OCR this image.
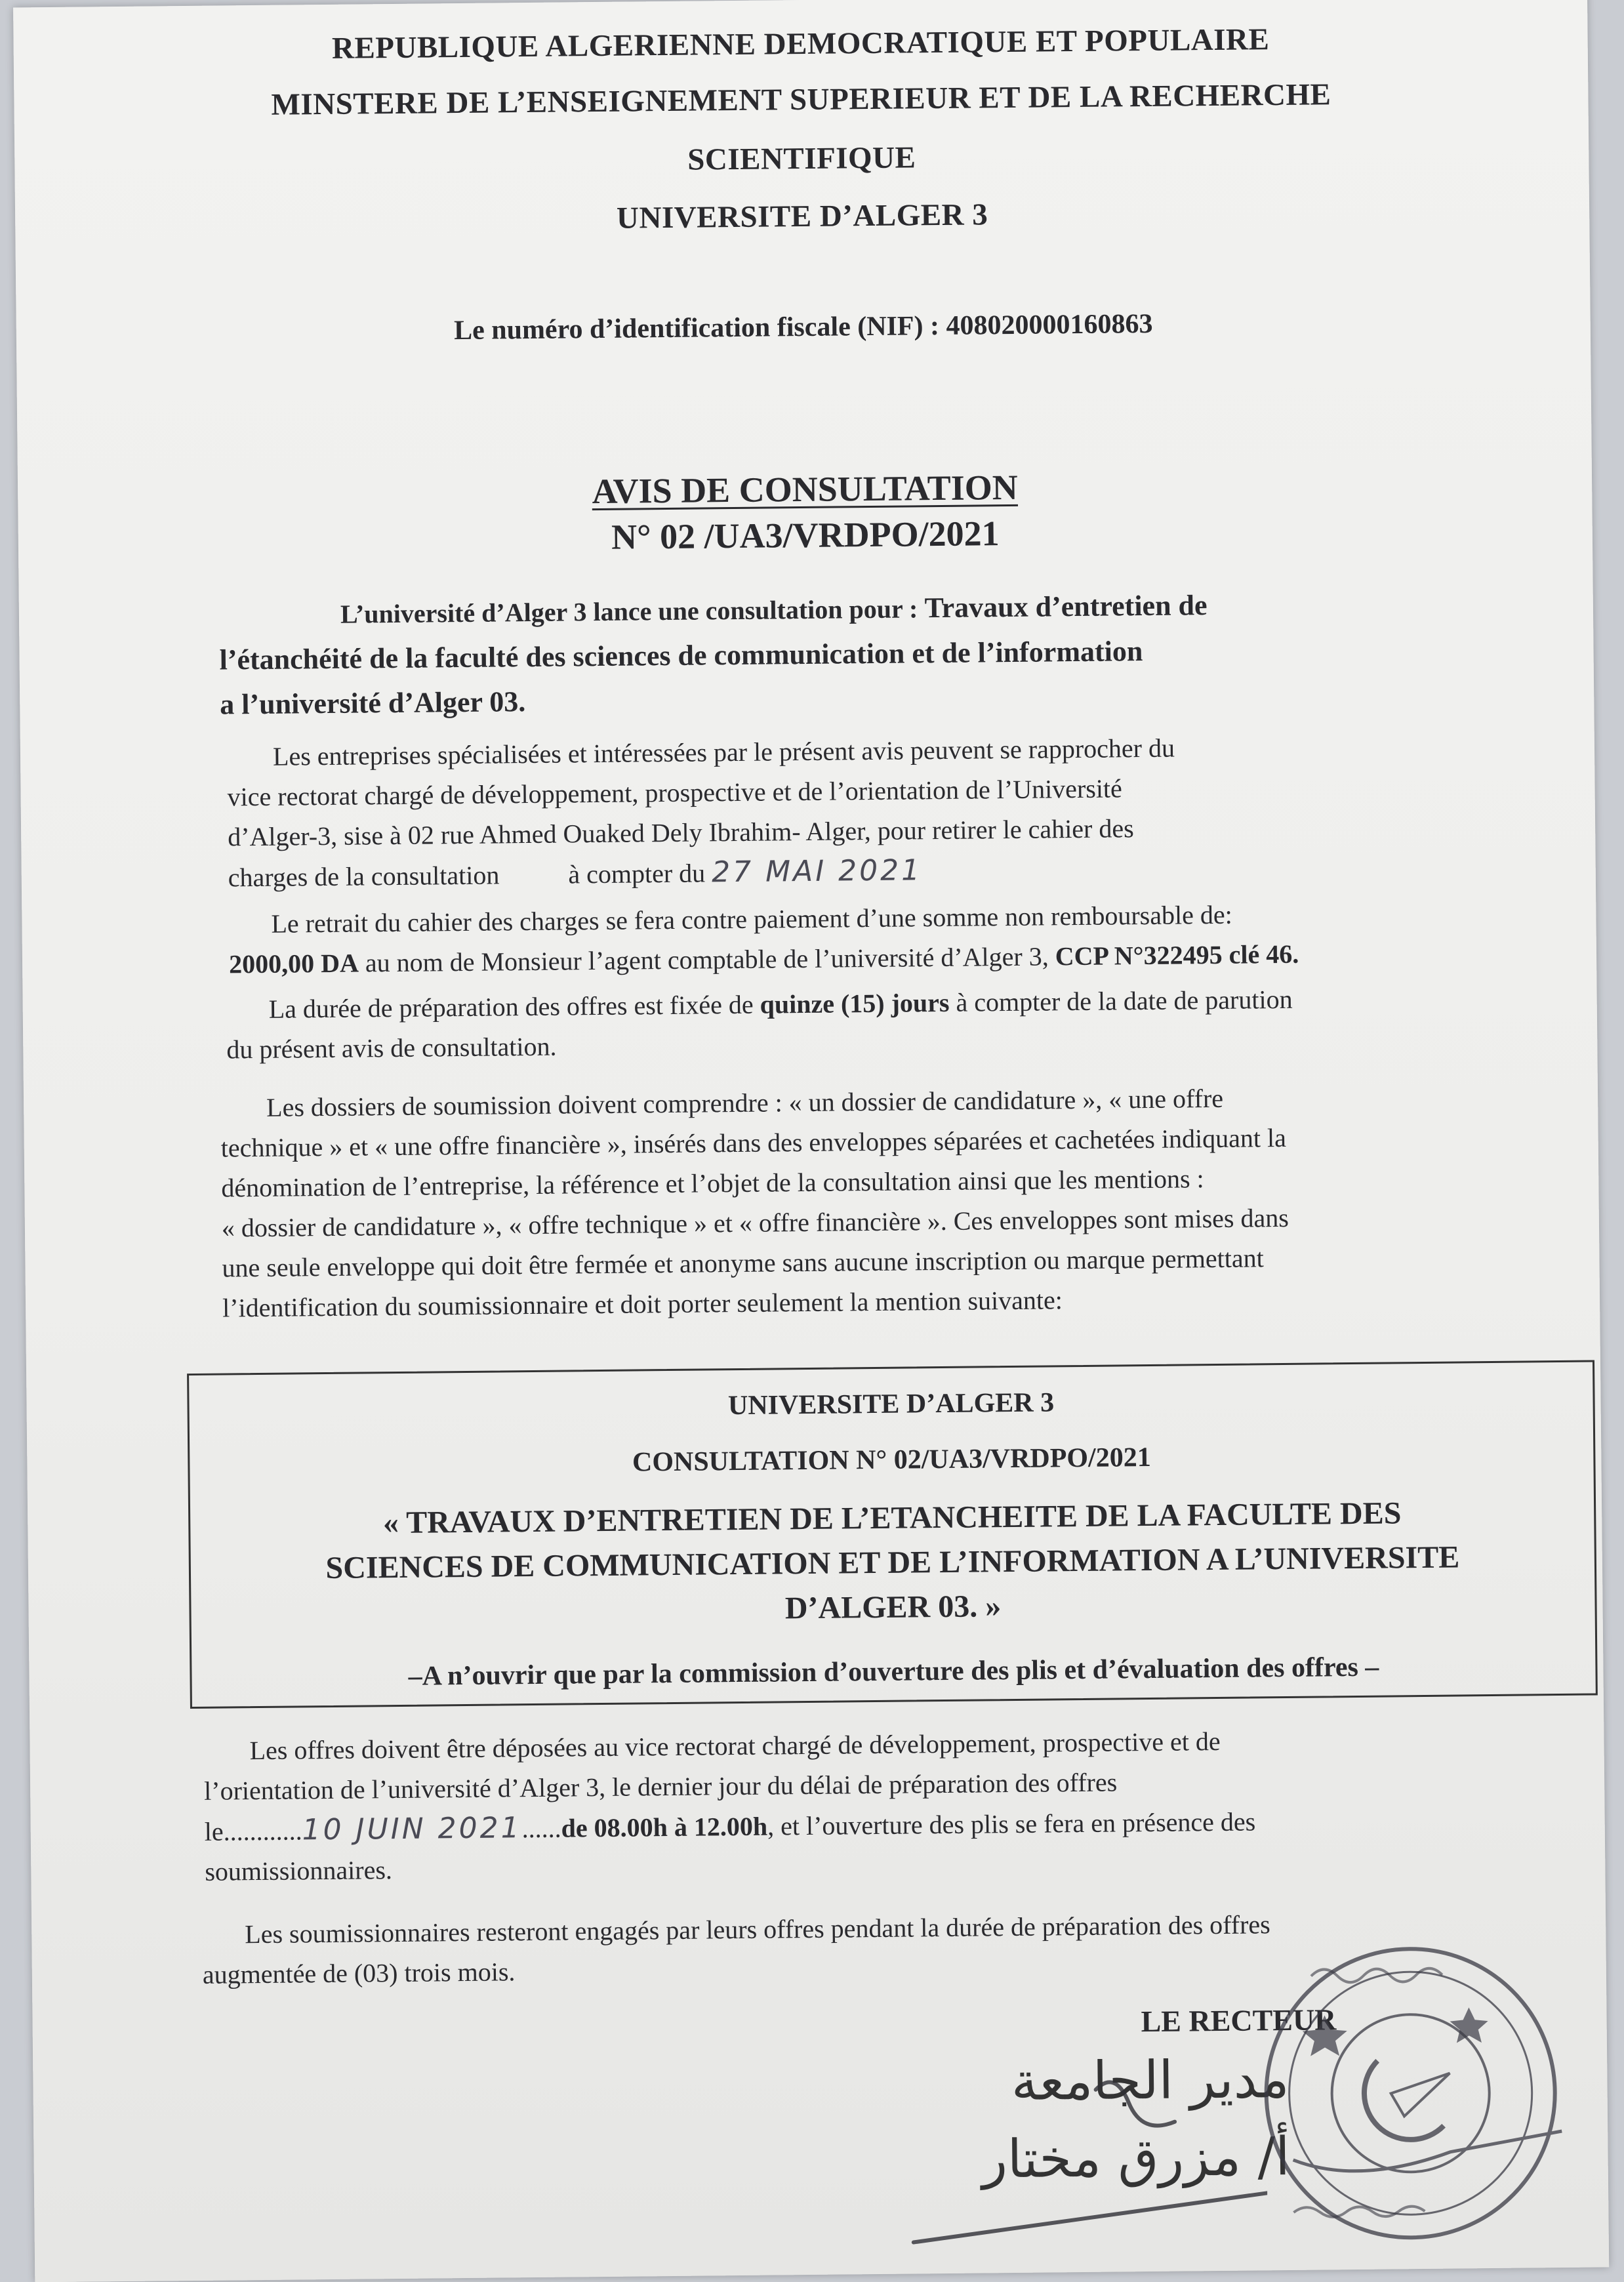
REPUBLIQUE ALGERIENNE DEMOCRATIQUE ET POPULAIRE
MINSTERE DE L’ENSEIGNEMENT SUPERIEUR ET DE LA RECHERCHE
SCIENTIFIQUE
UNIVERSITE D’ALGER 3
Le numéro d’identification fiscale (NIF) : 408020000160863
AVIS DE CONSULTATION
N° 02 /UA3/VRDPO/2021
L’université d’Alger 3 lance une consultation pour : Travaux d’entretien de
l’étanchéité de la faculté des sciences de communication et de l’information
a l’université d’Alger 03.
Les entreprises spécialisées et intéressées par le présent avis peuvent se rapprocher du
vice rectorat chargé de développement, prospective et de l’orientation de l’Université
d’Alger-3, sise à 02 rue Ahmed Ouaked Dely Ibrahim- Alger, pour retirer le cahier des
charges de la consultation	à compter du 27 MAI 2021
Le retrait du cahier des charges se fera contre paiement d’une somme non remboursable de:
2000,00 DA au nom de Monsieur l’agent comptable de l’université d’Alger 3, CCP N°322495 clé 46.
La durée de préparation des offres est fixée de quinze (15) jours à compter de la date de parution
du présent avis de consultation.
Les dossiers de soumission doivent comprendre : « un dossier de candidature », « une offre
technique » et « une offre financière », insérés dans des enveloppes séparées et cachetées indiquant la
dénomination de l’entreprise, la référence et l’objet de la consultation ainsi que les mentions :
« dossier de candidature », « offre technique » et « offre financière ». Ces enveloppes sont mises dans
une seule enveloppe qui doit être fermée et anonyme sans aucune inscription ou marque permettant
l’identification du soumissionnaire et doit porter seulement la mention suivante:
UNIVERSITE D’ALGER 3
CONSULTATION N° 02/UA3/VRDPO/2021
« TRAVAUX D’ENTRETIEN DE L’ETANCHEITE DE LA FACULTE DES
SCIENCES DE COMMUNICATION ET DE L’INFORMATION A L’UNIVERSITE
D’ALGER 03. »
–A n’ouvrir que par la commission d’ouverture des plis et d’évaluation des offres –
Les offres doivent être déposées au vice rectorat chargé de développement, prospective et de
l’orientation de l’université d’Alger 3, le dernier jour du délai de préparation des offres
le............10 JUIN 2021......de 08.00h à 12.00h, et l’ouverture des plis se fera en présence des
soumissionnaires.
Les soumissionnaires resteront engagés par leurs offres pendant la durée de préparation des offres
augmentée de (03) trois mois.
LE RECTEUR
مدير الجامعة
أ/ مزرق مختار
